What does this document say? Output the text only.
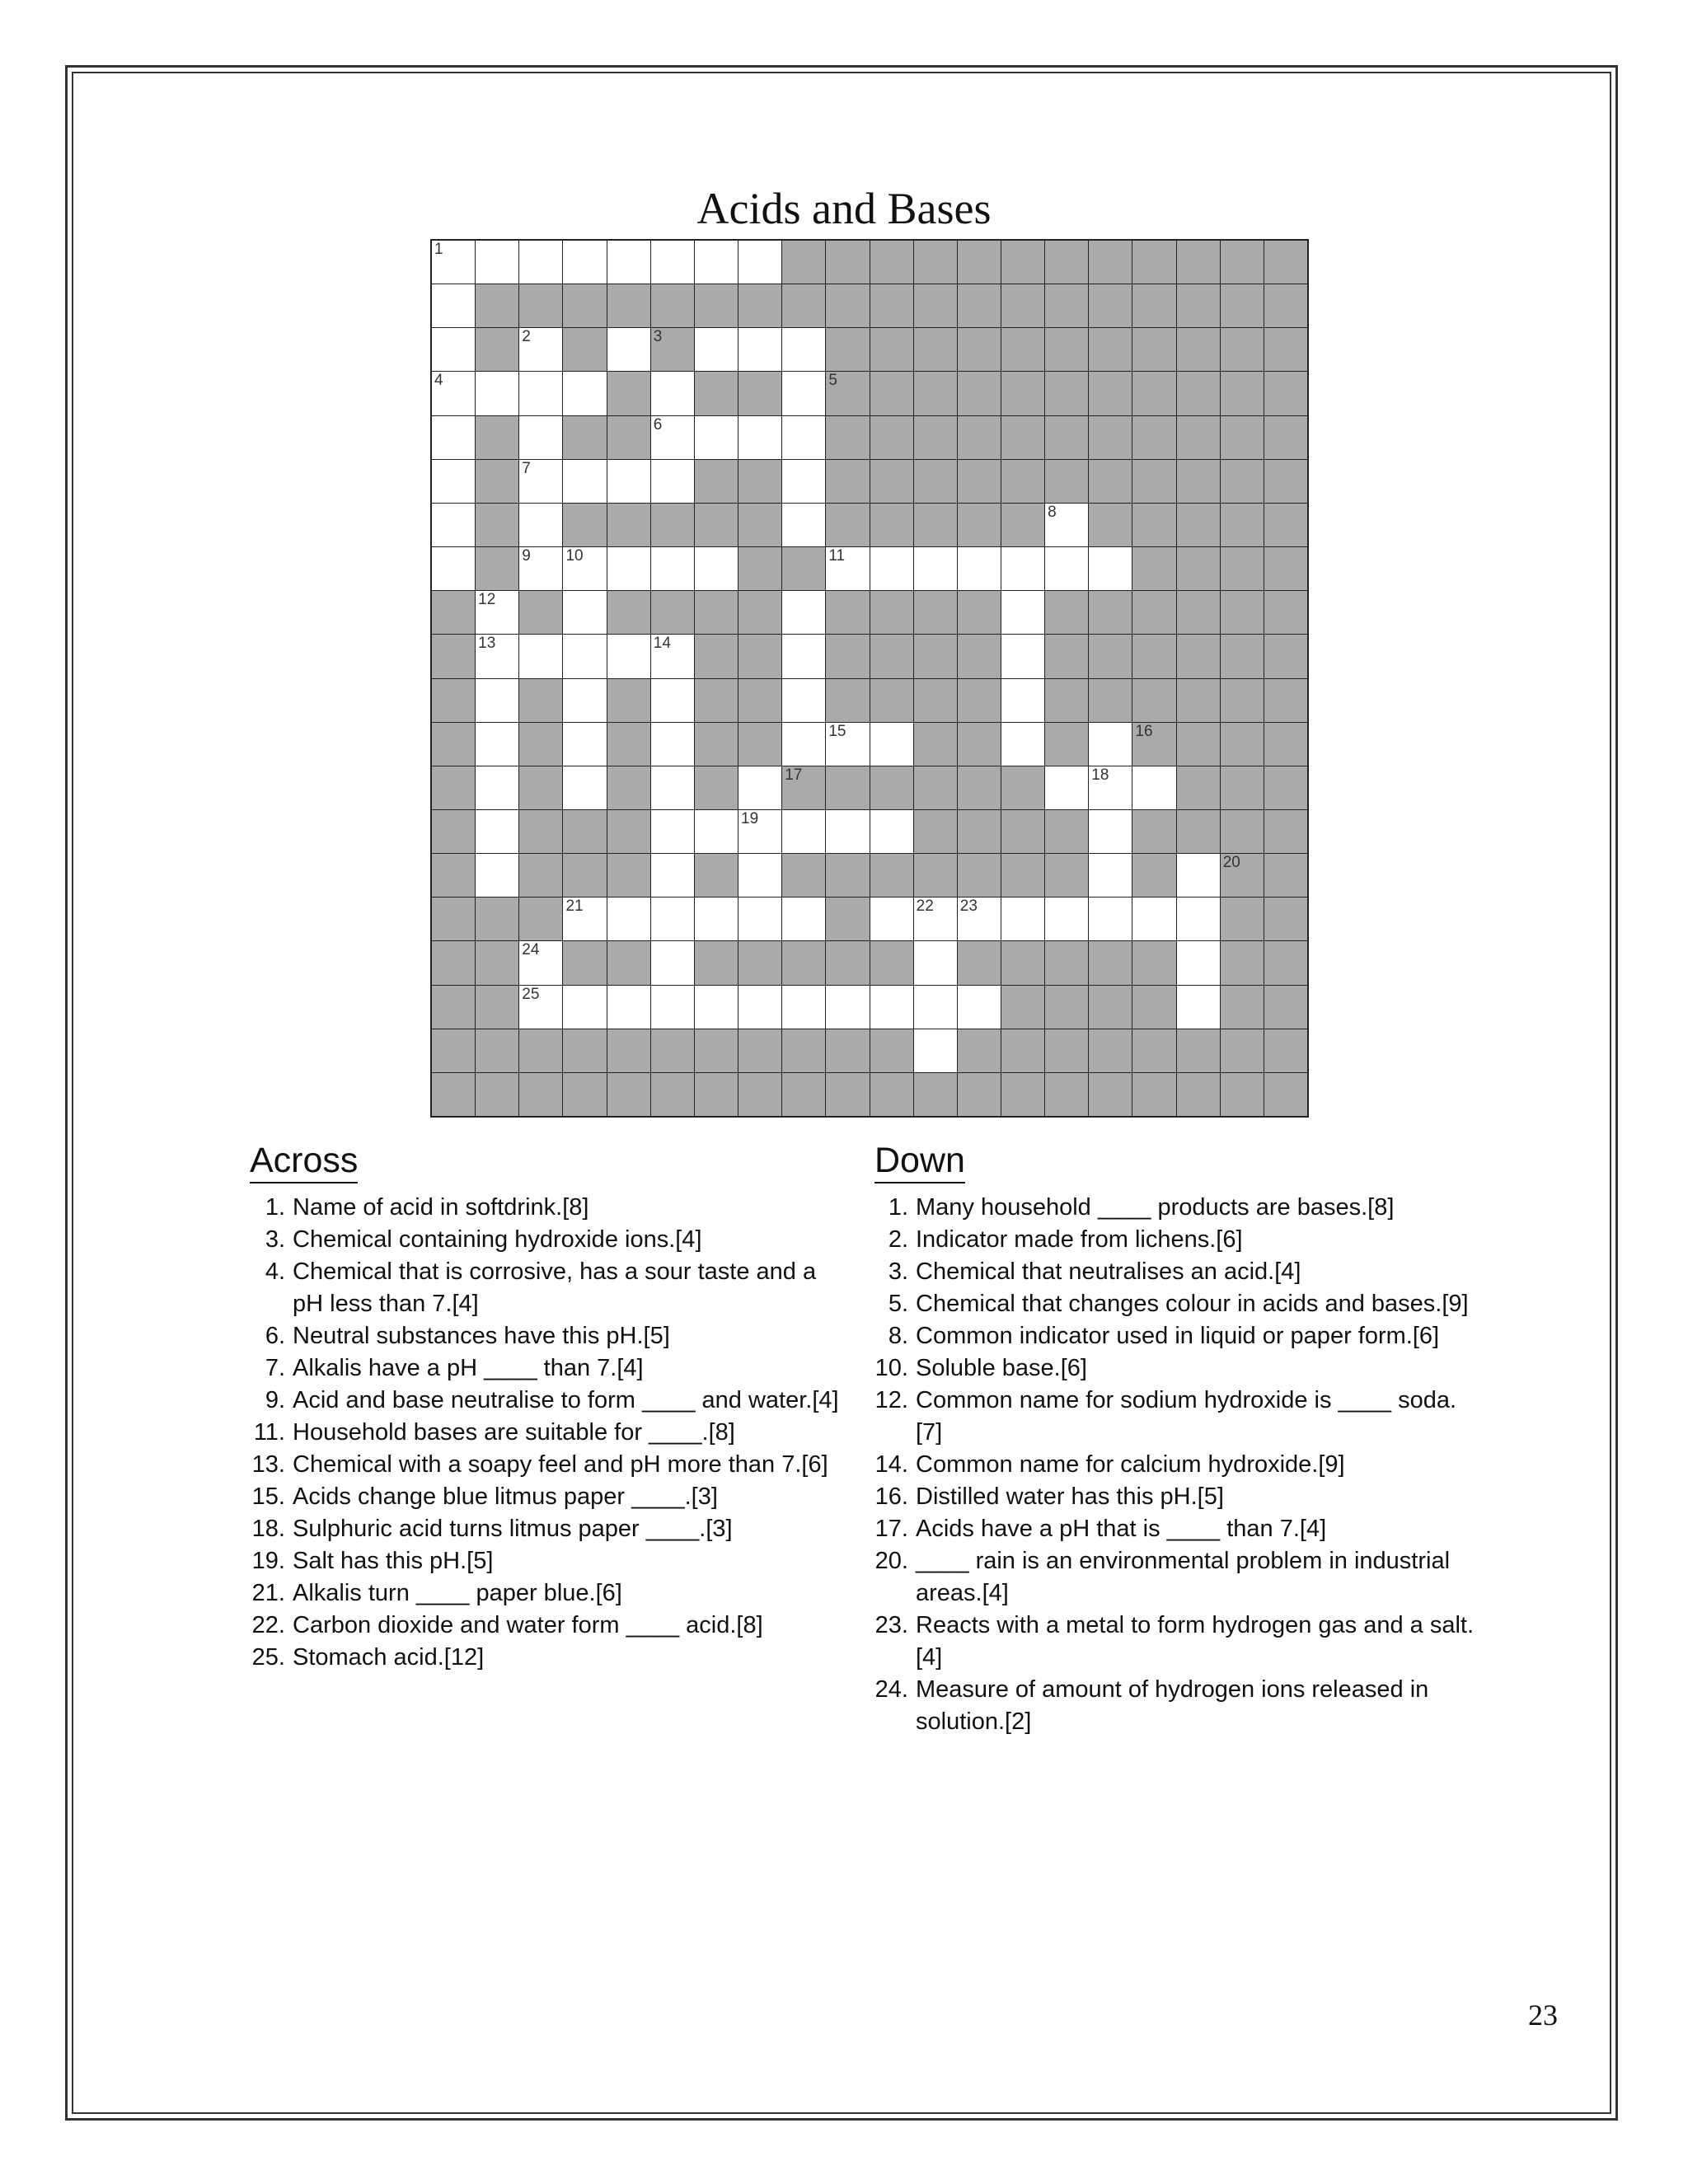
Acids and Bases
1
2	3
4	5
6
7
8
9 10	11
12
13	14
15	16
17	18
19
20
21	22 23
24
25
Across
1. Name of acid in softdrink.[8]
3. Chemical containing hydroxide ions.[4]
4. Chemical that is corrosive, has a sour taste and a pH less than 7.[4]
6. Neutral substances have this pH.[5]
7. Alkalis have a pH ____ than 7.[4]
9. Acid and base neutralise to form ____ and water.[4]
11. Household bases are suitable for ____.[8]
13. Chemical with a soapy feel and pH more than 7.[6]
15. Acids change blue litmus paper ____.[3]
18. Sulphuric acid turns litmus paper ____.[3]
19. Salt has this pH.[5]
21. Alkalis turn ____ paper blue.[6]
22. Carbon dioxide and water form ____ acid.[8]
25. Stomach acid.[12]
Down
1. Many household ____ products are bases.[8]
2. Indicator made from lichens.[6]
3. Chemical that neutralises an acid.[4]
5. Chemical that changes colour in acids and bases.[9]
8. Common indicator used in liquid or paper form.[6]
10. Soluble base.[6]
12. Common name for sodium hydroxide is ____ soda.[7]
14. Common name for calcium hydroxide.[9]
16. Distilled water has this pH.[5]
17. Acids have a pH that is ____ than 7.[4]
20. ____ rain is an environmental problem in industrial areas.[4]
23. Reacts with a metal to form hydrogen gas and a salt.[4]
24. Measure of amount of hydrogen ions released in solution.[2]
23
